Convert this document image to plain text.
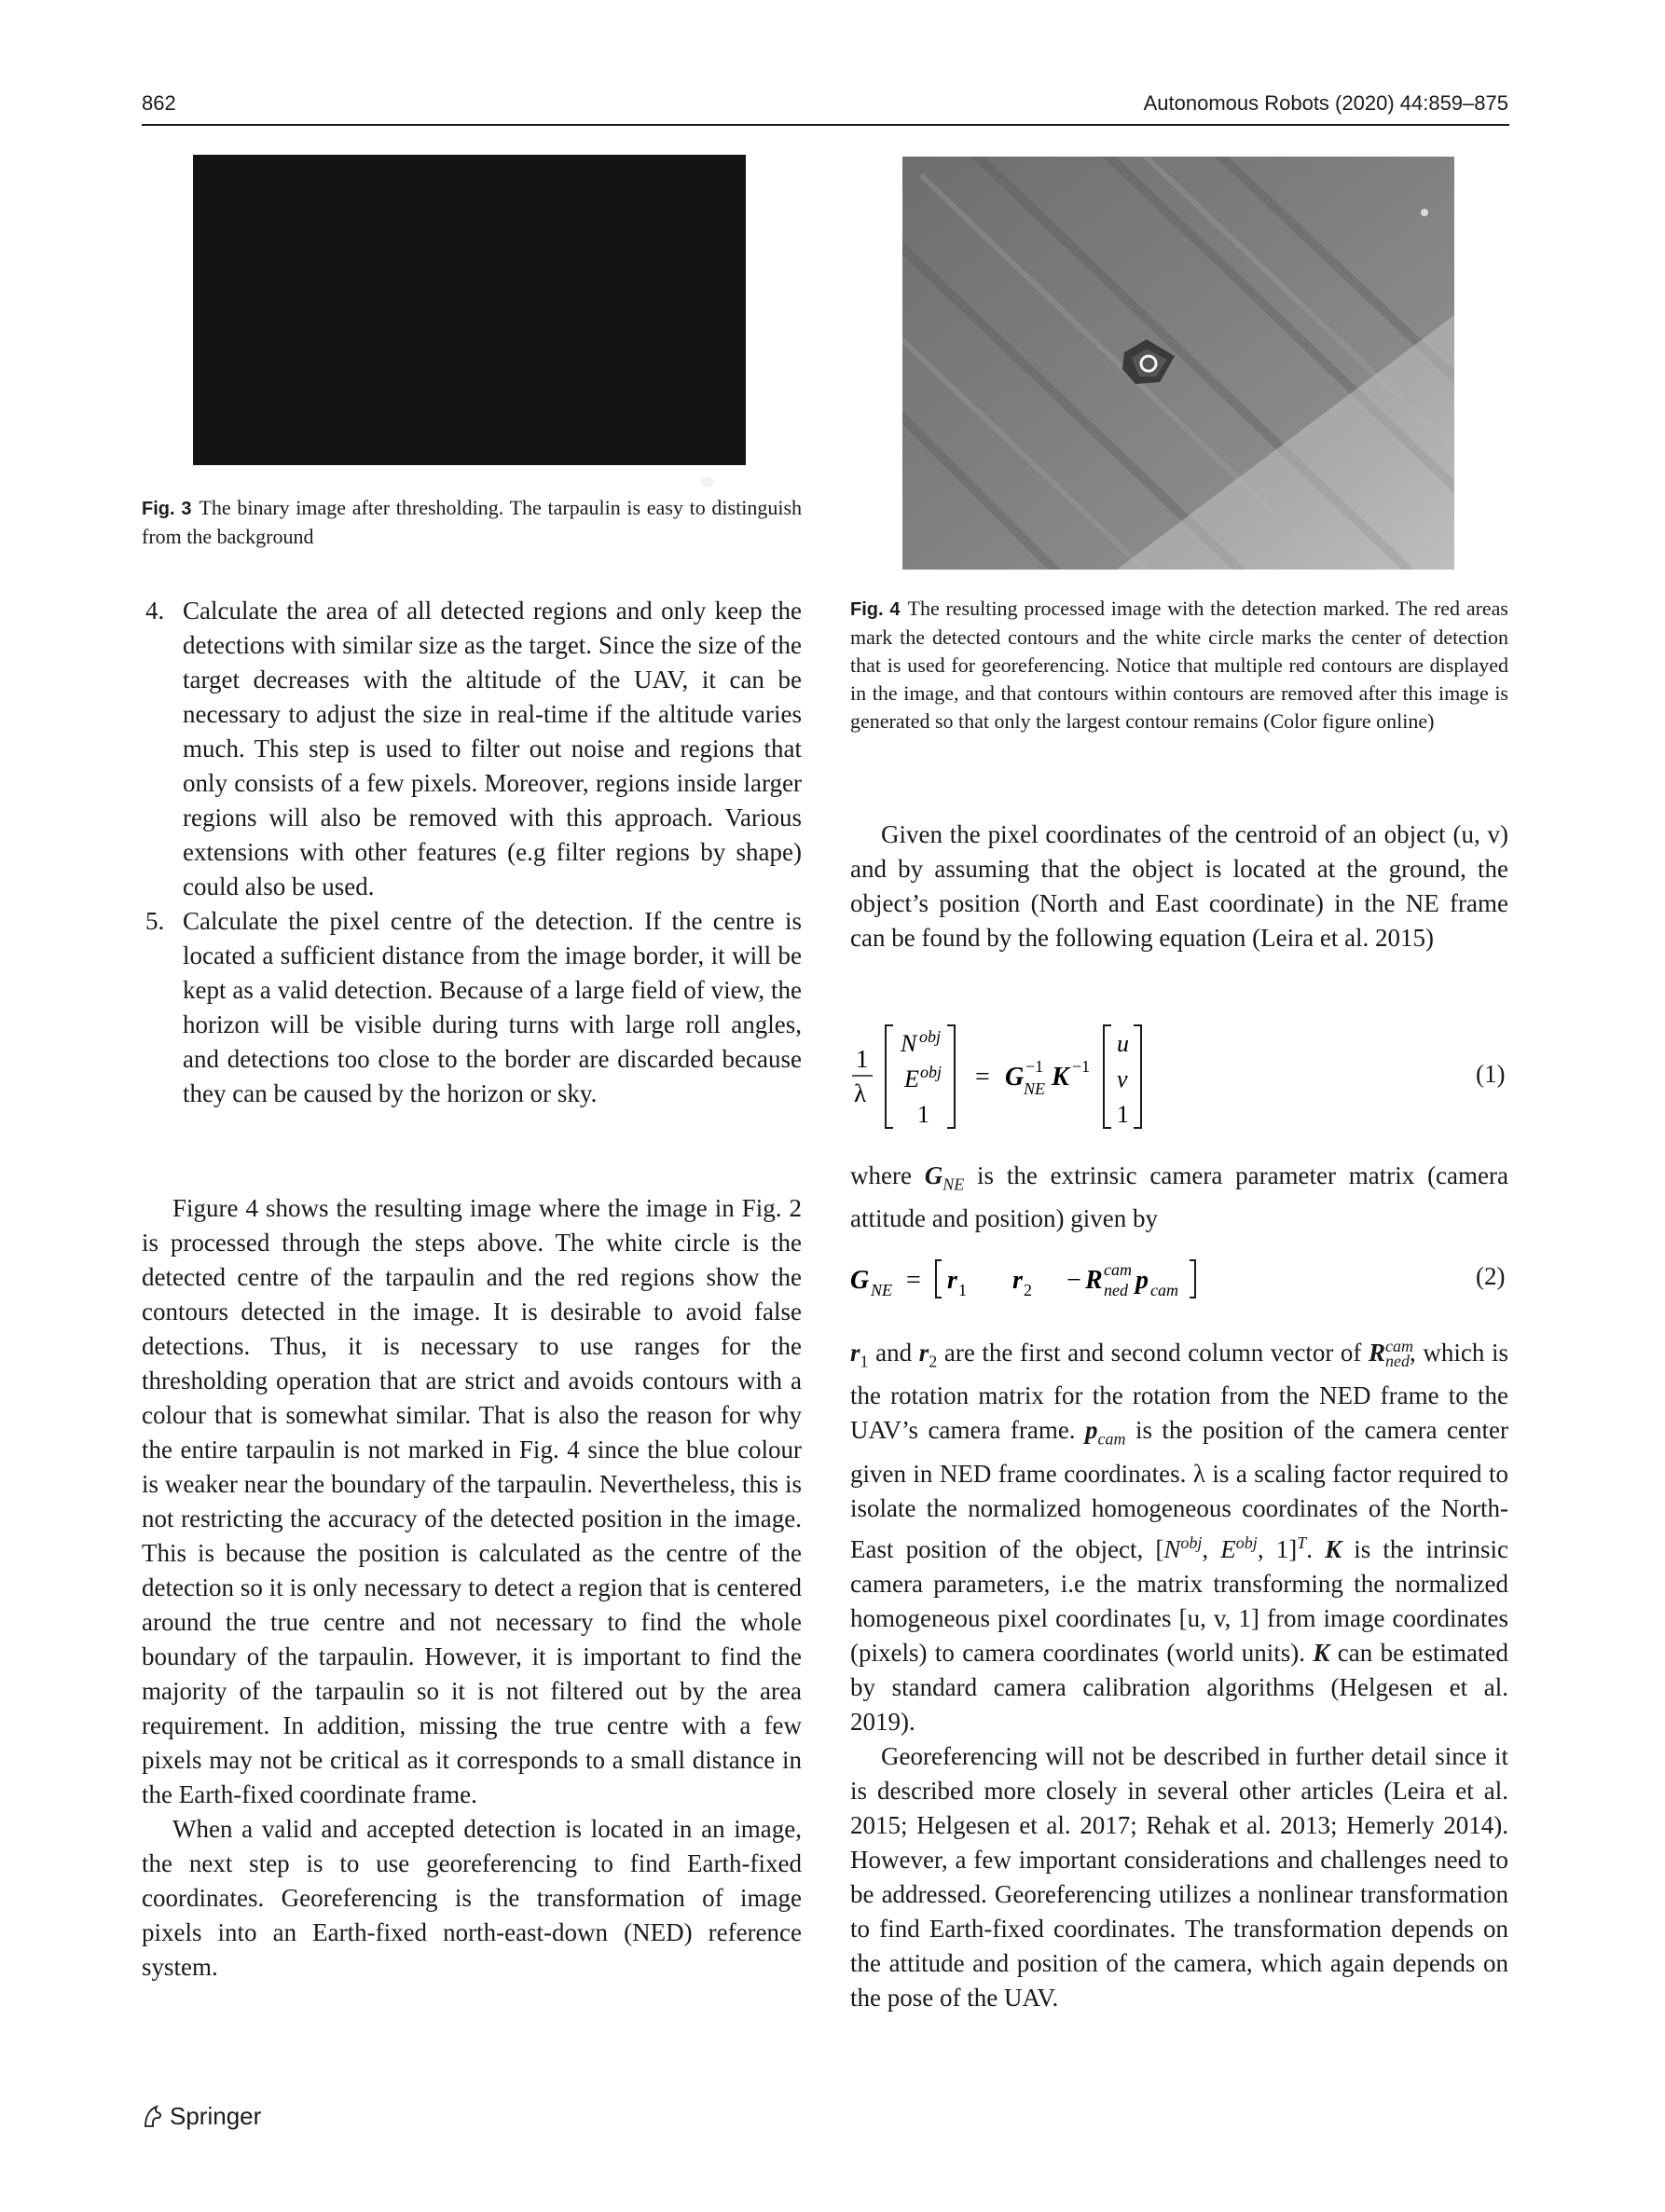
862	Autonomous Robots (2020) 44:859–875
Fig. 3 The binary image after thresholding. The tarpaulin is easy to distinguish from the background
Fig. 4 The resulting processed image with the detection marked. The red areas mark the detected contours and the white circle marks the center of detection that is used for georeferencing. Notice that multiple red contours are displayed in the image, and that contours within contours are removed after this image is generated so that only the largest contour remains (Color figure online)
4. Calculate the area of all detected regions and only keep the detections with similar size as the target. Since the size of the target decreases with the altitude of the UAV, it can be necessary to adjust the size in real-time if the altitude varies much. This step is used to filter out noise and regions that only consists of a few pixels. Moreover, regions inside larger regions will also be removed with this approach. Various extensions with other features (e.g filter regions by shape) could also be used.

5. Calculate the pixel centre of the detection. If the centre is located a sufficient distance from the image border, it will be kept as a valid detection. Because of a large field of view, the horizon will be visible during turns with large roll angles, and detections too close to the border are discarded because they can be caused by the horizon or sky.

Figure 4 shows the resulting image where the image in Fig. 2 is processed through the steps above. The white circle is the detected centre of the tarpaulin and the red regions show the contours detected in the image. It is desirable to avoid false detections. Thus, it is necessary to use ranges for the thresholding operation that are strict and avoids contours with a colour that is somewhat similar. That is also the reason for why the entire tarpaulin is not marked in Fig. 4 since the blue colour is weaker near the boundary of the tarpaulin. Nevertheless, this is not restricting the accuracy of the detected position in the image. This is because the position is calculated as the centre of the detection so it is only necessary to detect a region that is centered around the true centre and not necessary to find the whole boundary of the tarpaulin. However, it is important to find the majority of the tarpaulin so it is not filtered out by the area requirement. In addition, missing the true centre with a few pixels may not be critical as it corresponds to a small distance in the Earth-fixed coordinate frame.

When a valid and accepted detection is located in an image, the next step is to use georeferencing to find Earth-fixed coordinates. Georeferencing is the transformation of image pixels into an Earth-fixed north-east-down (NED) reference system.

Given the pixel coordinates of the centroid of an object (u, v) and by assuming that the object is located at the ground, the object’s position (North and East coordinate) in the NE frame can be found by the following equation (Leira et al. 2015)

1
λ
N obj
E obj
1
= G −1
NE K −1
u
v
1
(1)

where $G_{NE}$ is the extrinsic camera parameter matrix (camera attitude and position) given by

G NE = r 1 r 2 − R cam
ned p cam	(2)

$r_1$ and $r_2$ are the first and second column vector of $R^{cam}_{ned}$, which is the rotation matrix for the rotation from the NED frame to the UAV’s camera frame. $p_{cam}$ is the position of the camera center given in NED frame coordinates. λ is a scaling factor required to isolate the normalized homogeneous coordinates of the North-East position of the object, [$N^{obj}$, $E^{obj}$, 1]$^T$. K is the intrinsic camera parameters, i.e the matrix transforming the normalized homogeneous pixel coordinates [u, v, 1] from image coordinates (pixels) to camera coordinates (world units). K can be estimated by standard camera calibration algorithms (Helgesen et al. 2019).

Georeferencing will not be described in further detail since it is described more closely in several other articles (Leira et al. 2015; Helgesen et al. 2017; Rehak et al. 2013; Hemerly 2014). However, a few important considerations and challenges need to be addressed. Georeferencing utilizes a nonlinear transformation to find Earth-fixed coordinates. The transformation depends on the attitude and position of the camera, which again depends on the pose of the UAV.

Springer
